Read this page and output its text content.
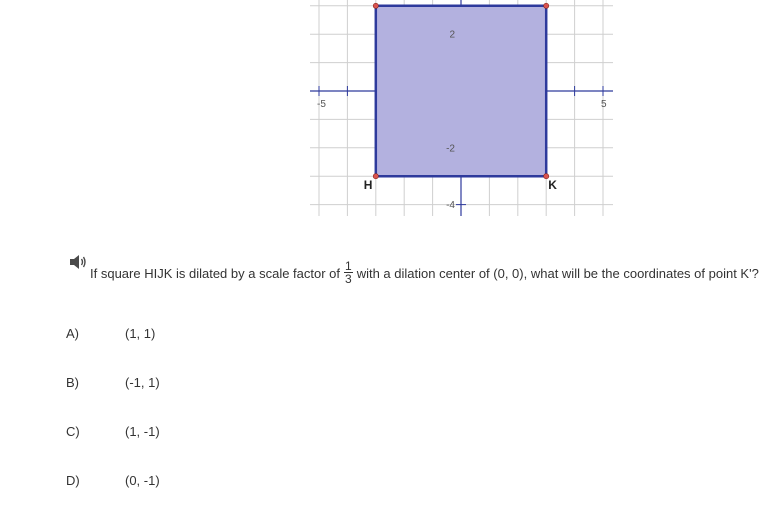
-5	5
2
-2
-4
H	K
If square HIJK is dilated by a scale factor of $\frac{1}{3}$ with a dilation center of (0, 0), what will be the coordinates of point K'?
A)	(1, 1)
B)	(-1, 1)
C)	(1, -1)
D)	(0, -1)
